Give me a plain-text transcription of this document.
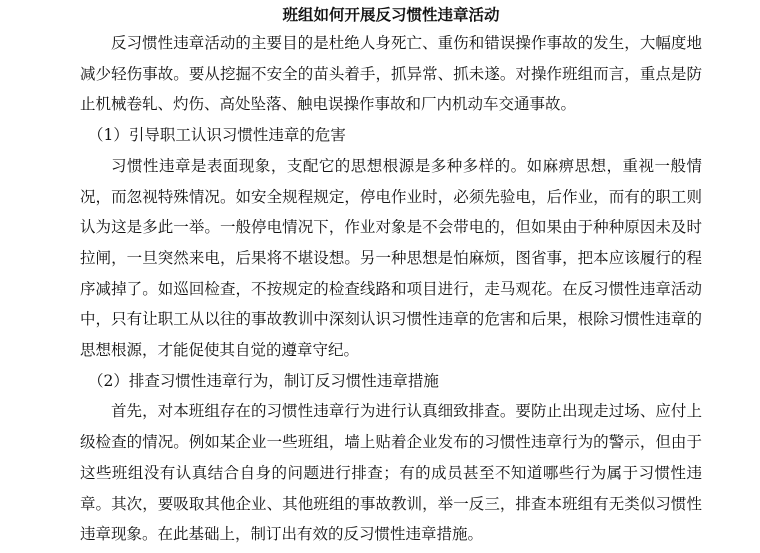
班组如何开展反习惯性违章活动

反习惯性违章活动的主要目的是杜绝人身死亡、重伤和错误操作事故的发生，大幅度地减少轻伤事故。要从挖掘不安全的苗头着手，抓异常、抓未遂。对操作班组而言，重点是防止机械卷轧、灼伤、高处坠落、触电误操作事故和厂内机动车交通事故。

（1）引导职工认识习惯性违章的危害

习惯性违章是表面现象，支配它的思想根源是多种多样的。如麻痹思想，重视一般情况，而忽视特殊情况。如安全规程规定，停电作业时，必须先验电，后作业，而有的职工则认为这是多此一举。一般停电情况下，作业对象是不会带电的，但如果由于种种原因未及时拉闸，一旦突然来电，后果将不堪设想。另一种思想是怕麻烦，图省事，把本应该履行的程序减掉了。如巡回检查，不按规定的检查线路和项目进行，走马观花。在反习惯性违章活动中，只有让职工从以往的事故教训中深刻认识习惯性违章的危害和后果，根除习惯性违章的思想根源，才能促使其自觉的遵章守纪。

（2）排查习惯性违章行为，制订反习惯性违章措施

首先，对本班组存在的习惯性违章行为进行认真细致排查。要防止出现走过场、应付上级检查的情况。例如某企业一些班组，墙上贴着企业发布的习惯性违章行为的警示，但由于这些班组没有认真结合自身的问题进行排查；有的成员甚至不知道哪些行为属于习惯性违章。其次，要吸取其他企业、其他班组的事故教训，举一反三，排查本班组有无类似习惯性违章现象。在此基础上，制订出有效的反习惯性违章措施。
